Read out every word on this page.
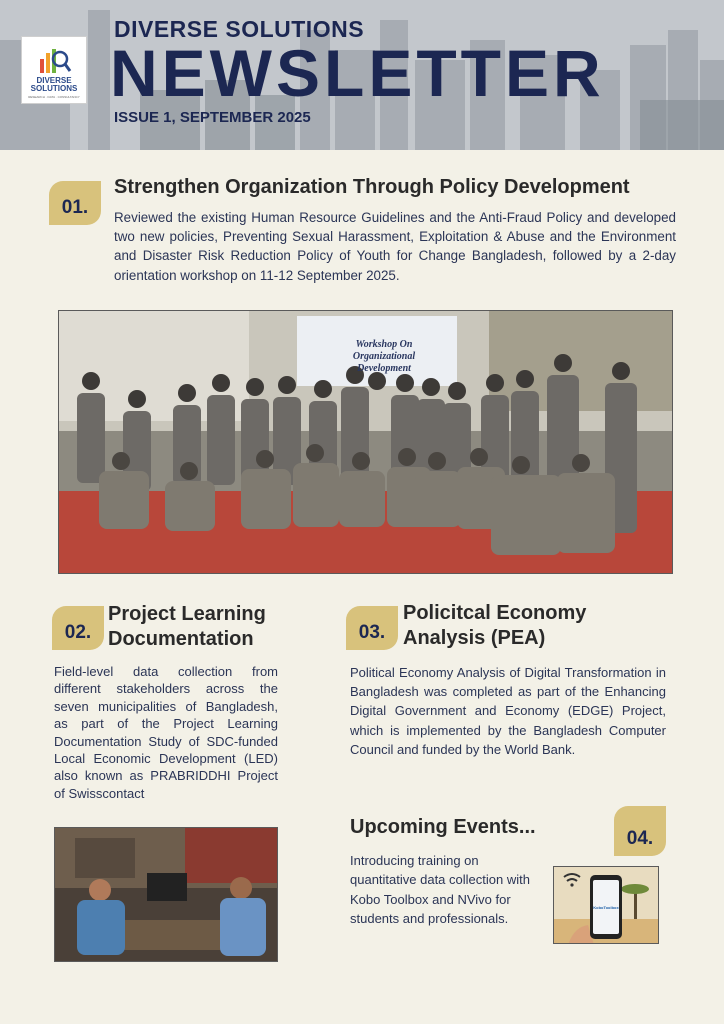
DIVERSE
SOLUTIONS
RESEARCH · DATA · CONSULTANCY
DIVERSE SOLUTIONS
NEWSLETTER
ISSUE 1, SEPTEMBER 2025
01.
Strengthen Organization Through Policy Development
Reviewed the existing Human Resource Guidelines and the Anti-Fraud Policy and developed two new policies, Preventing Sexual Harassment, Exploitation & Abuse and the Environment and Disaster Risk Reduction Policy of Youth for Change Bangladesh, followed by a 2-day orientation workshop on 11-12 September 2025.
Workshop On
Organizational Development
02.
Project Learning
Documentation
Field-level data collection from different stakeholders across the seven municipalities of Bangladesh, as part of the Project Learning Documentation Study of SDC-funded Local Economic Development (LED) also known as PRABRIDDHI Project of Swisscontact
03.
Policitcal Economy
Analysis (PEA)
Political Economy Analysis of Digital Transformation in Bangladesh was completed as part of the Enhancing Digital Government and Economy (EDGE) Project, which is implemented by the Bangladesh Computer Council and funded by the World Bank.
04.
Upcoming Events...
Introducing training on quantitative data collection with Kobo Toolbox and NVivo for students and professionals.
KoboToolbox
